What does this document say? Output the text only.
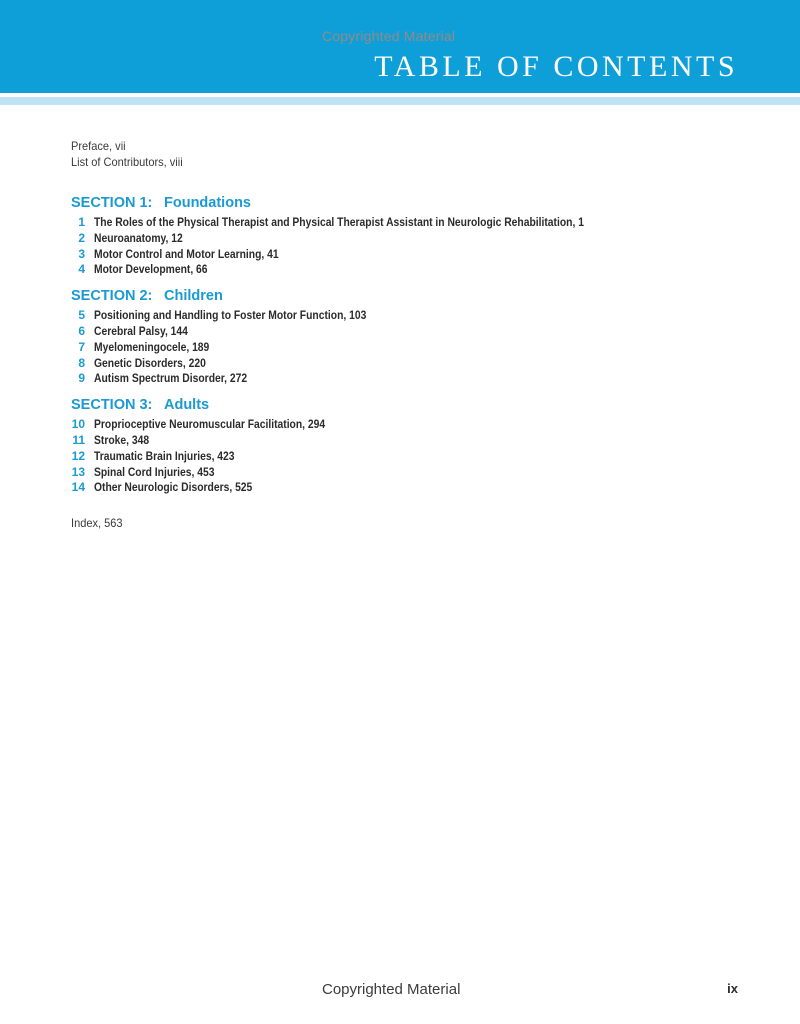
Copyrighted Material
TABLE OF CONTENTS
Preface, vii
List of Contributors, viii
SECTION 1: Foundations
1 The Roles of the Physical Therapist and Physical Therapist Assistant in Neurologic Rehabilitation, 1
2 Neuroanatomy, 12
3 Motor Control and Motor Learning, 41
4 Motor Development, 66
SECTION 2: Children
5 Positioning and Handling to Foster Motor Function, 103
6 Cerebral Palsy, 144
7 Myelomeningocele, 189
8 Genetic Disorders, 220
9 Autism Spectrum Disorder, 272
SECTION 3: Adults
10 Proprioceptive Neuromuscular Facilitation, 294
11 Stroke, 348
12 Traumatic Brain Injuries, 423
13 Spinal Cord Injuries, 453
14 Other Neurologic Disorders, 525
Index, 563
Copyrighted Material	ix
